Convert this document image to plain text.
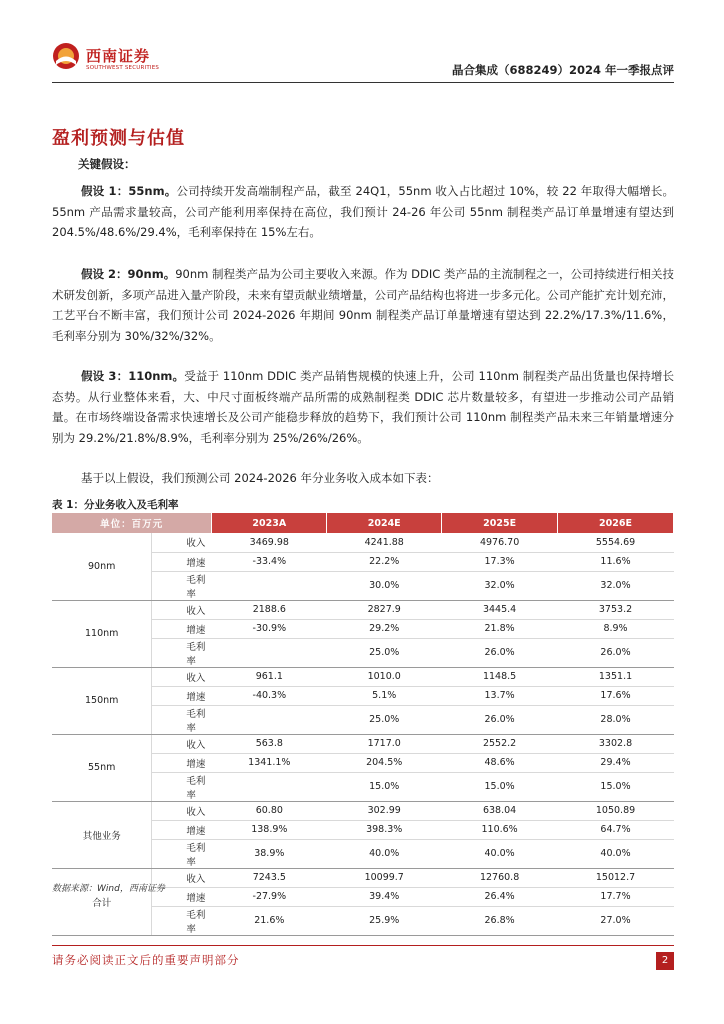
西南证券
SOUTHWEST SECURITIES	晶合集成（688249）2024 年一季报点评
盈利预测与估值
关键假设：
假设 1：55nm。公司持续开发高端制程产品，截至 24Q1，55nm 收入占比超过 10%，较 22 年取得大幅增长。55nm 产品需求量较高，公司产能利用率保持在高位，我们预计 24-26 年公司 55nm 制程类产品订单量增速有望达到 204.5%/48.6%/29.4%，毛利率保持在 15%左右。
假设 2：90nm。90nm 制程类产品为公司主要收入来源。作为 DDIC 类产品的主流制程之一，公司持续进行相关技术研发创新，多项产品进入量产阶段，未来有望贡献业绩增量，公司产品结构也将进一步多元化。公司产能扩充计划充沛，工艺平台不断丰富，我们预计公司 2024-2026 年期间 90nm 制程类产品订单量增速有望达到 22.2%/17.3%/11.6%，毛利率分别为 30%/32%/32%。
假设 3：110nm。受益于 110nm DDIC 类产品销售规模的快速上升，公司 110nm 制程类产品出货量也保持增长态势。从行业整体来看，大、中尺寸面板终端产品所需的成熟制程类 DDIC 芯片数量较多，有望进一步推动公司产品销量。在市场终端设备需求快速增长及公司产能稳步释放的趋势下，我们预计公司 110nm 制程类产品未来三年销量增速分别为 29.2%/21.8%/8.9%，毛利率分别为 25%/26%/26%。
基于以上假设，我们预测公司 2024-2026 年分业务收入成本如下表：
表 1：分业务收入及毛利率
单位：百万元		2023A	2024E	2025E	2026E
90nm	收入	3469.98	4241.88	4976.70	5554.69
	增速	-33.4%	22.2%	17.3%	11.6%
	毛利率		30.0%	32.0%	32.0%
110nm	收入	2188.6	2827.9	3445.4	3753.2
	增速	-30.9%	29.2%	21.8%	8.9%
	毛利率		25.0%	26.0%	26.0%
150nm	收入	961.1	1010.0	1148.5	1351.1
	增速	-40.3%	5.1%	13.7%	17.6%
	毛利率		25.0%	26.0%	28.0%
55nm	收入	563.8	1717.0	2552.2	3302.8
	增速	1341.1%	204.5%	48.6%	29.4%
	毛利率		15.0%	15.0%	15.0%
其他业务	收入	60.80	302.99	638.04	1050.89
	增速	138.9%	398.3%	110.6%	64.7%
	毛利率	38.9%	40.0%	40.0%	40.0%
合计	收入	7243.5	10099.7	12760.8	15012.7
	增速	-27.9%	39.4%	26.4%	17.7%
	毛利率	21.6%	25.9%	26.8%	27.0%
数据来源：Wind，西南证券
请务必阅读正文后的重要声明部分	2
